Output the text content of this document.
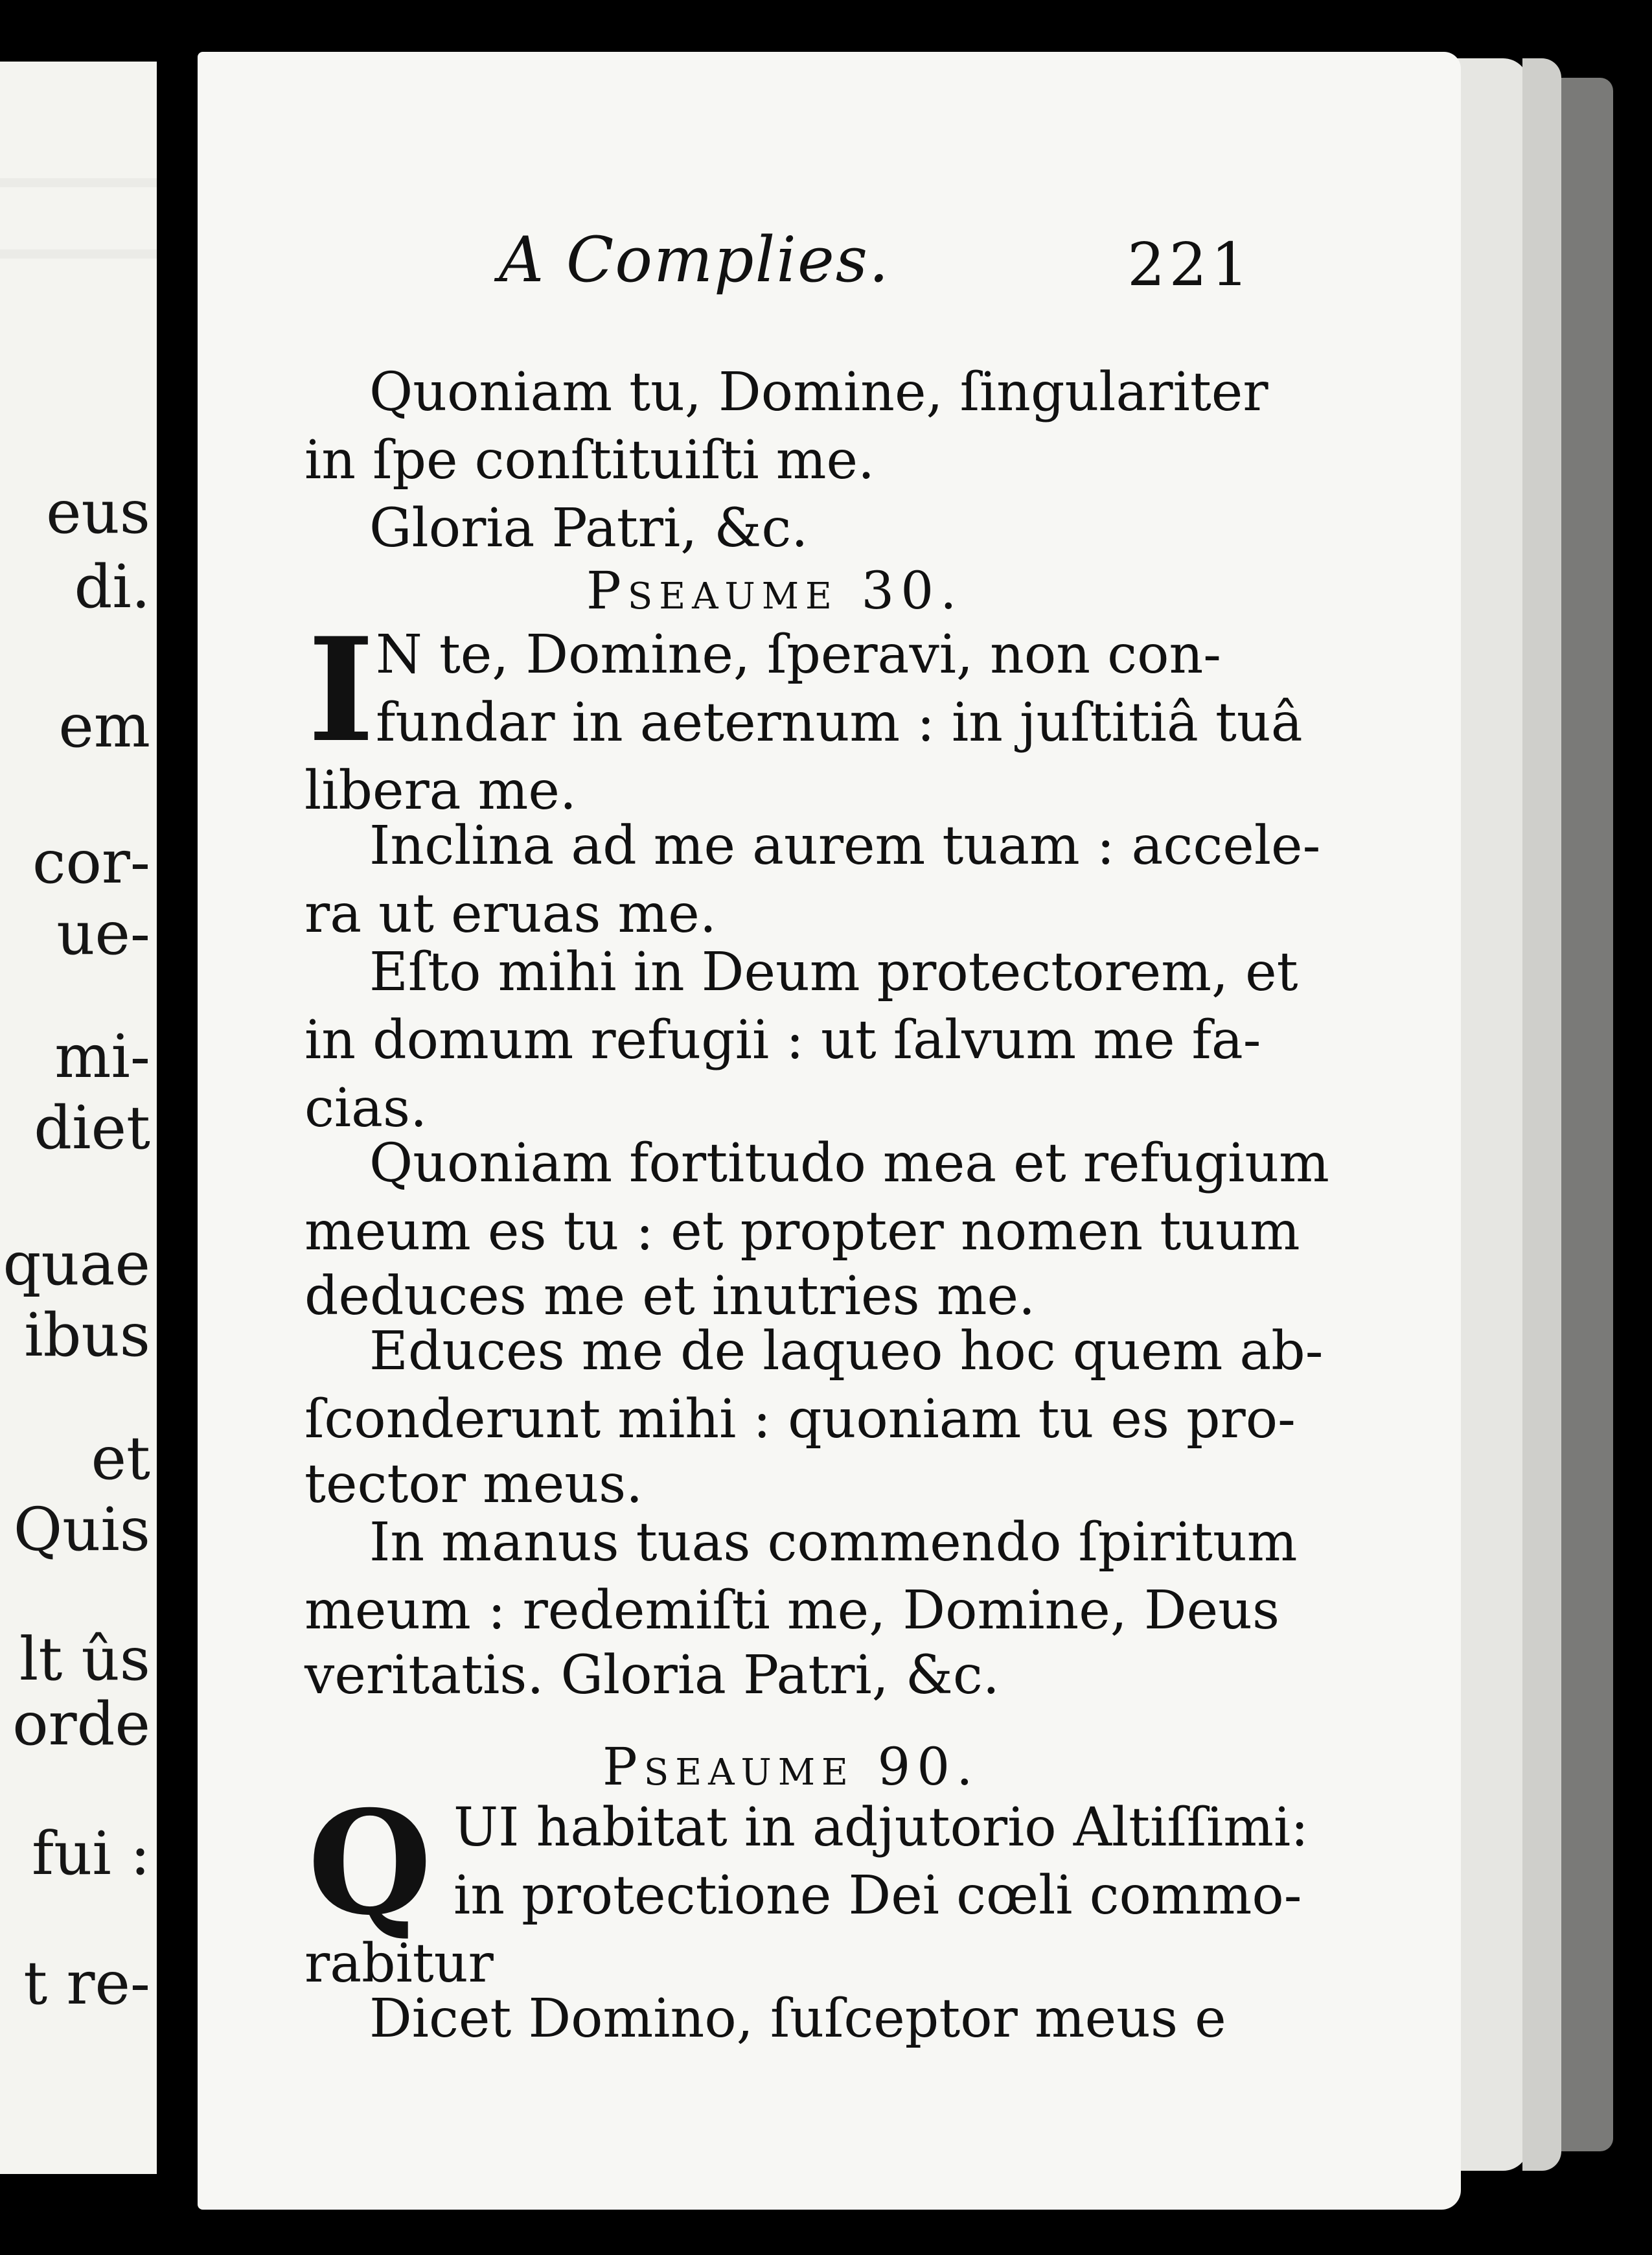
eus
di.
em
cor-
ue-
mi-
diet
quae
ibus
et
Quis
lt ûs
orde
fui :
t re-
A Complies.	221
Quoniam tu, Domine, ſingulariter
in ſpe conſtituiſti me.
Gloria Patri, &c.
Pseaume 30.
I N te, Domine, ſperavi, non con-
fundar in aeternum : in juſtitiâ tuâ
libera me.
Inclina ad me aurem tuam : accele-
ra ut eruas me.
Eſto mihi in Deum protectorem, et
in domum refugii : ut ſalvum me fa-
cias.
Quoniam fortitudo mea et refugium
meum es tu : et propter nomen tuum
deduces me et inutries me.
Educes me de laqueo hoc quem ab-
ſconderunt mihi : quoniam tu es pro-
tector meus.
In manus tuas commendo ſpiritum
meum : redemiſti me, Domine, Deus
veritatis. Gloria Patri, &c.
Pseaume 90.
Q UI habitat in adjutorio Altiſſimi:
in protectione Dei cœli commo-
rabitur
Dicet Domino, ſuſceptor meus e
